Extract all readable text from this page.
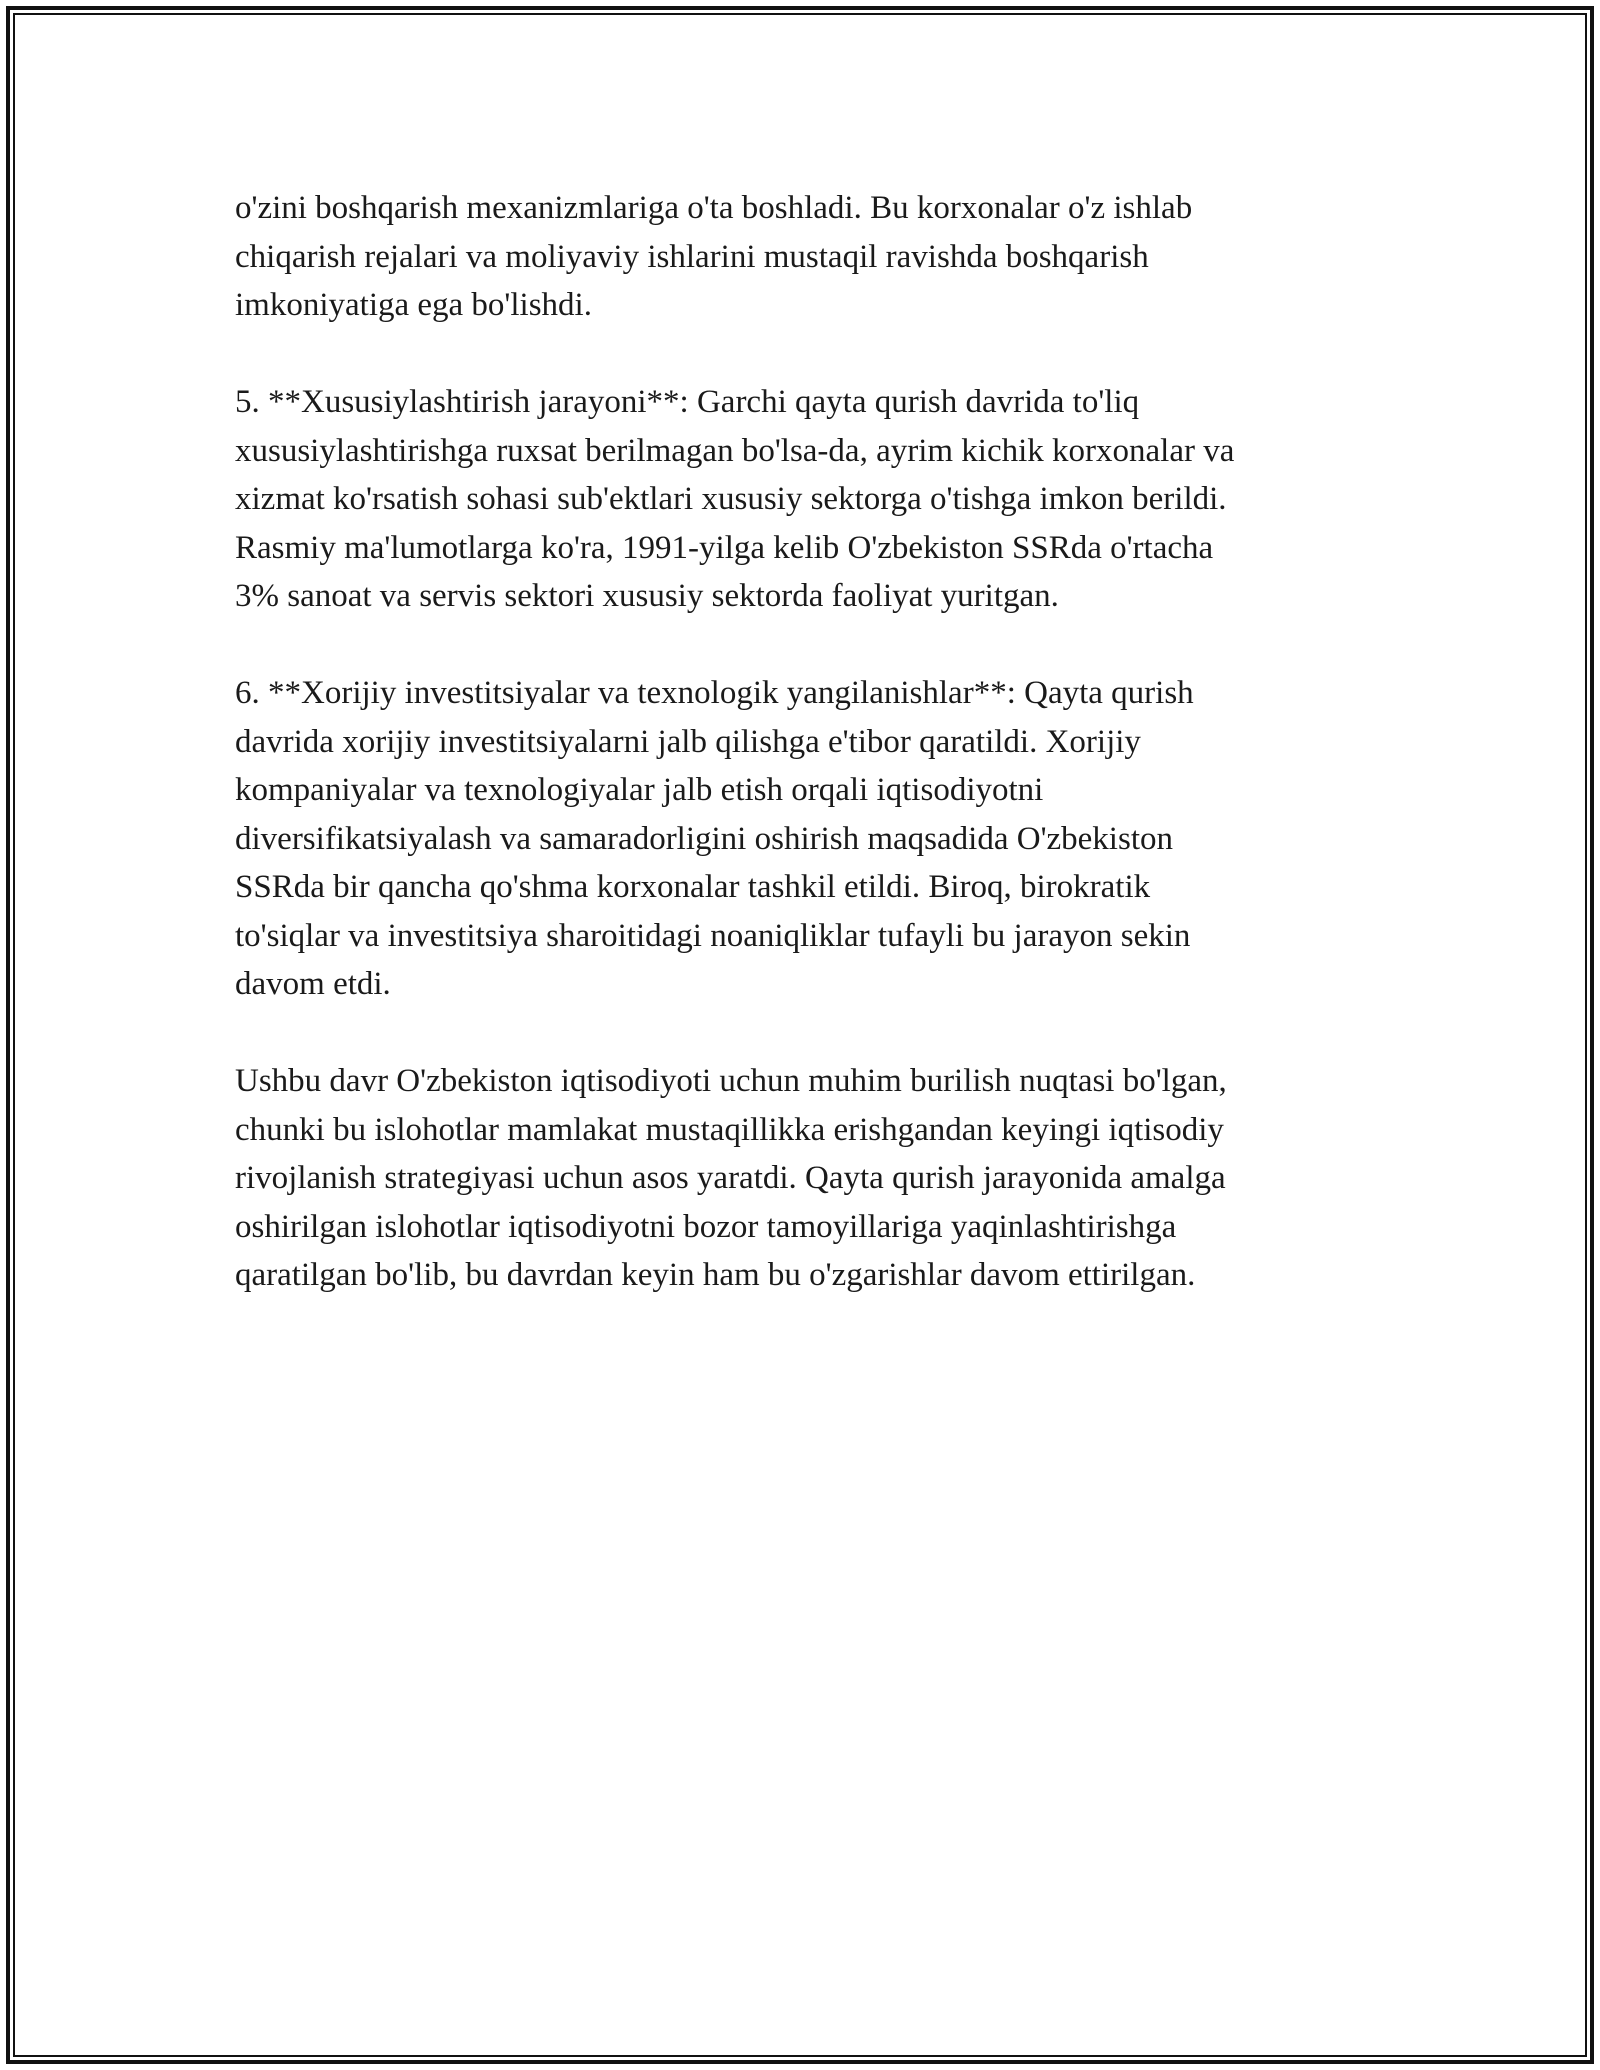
o'zini boshqarish mexanizmlariga o'ta boshladi. Bu korxonalar o'z ishlab
chiqarish rejalari va moliyaviy ishlarini mustaqil ravishda boshqarish
imkoniyatiga ega bo'lishdi.

5. **Xususiylashtirish jarayoni**: Garchi qayta qurish davrida to'liq
xususiylashtirishga ruxsat berilmagan bo'lsa-da, ayrim kichik korxonalar va
xizmat ko'rsatish sohasi sub'ektlari xususiy sektorga o'tishga imkon berildi.
Rasmiy ma'lumotlarga ko'ra, 1991-yilga kelib O'zbekiston SSRda o'rtacha
3% sanoat va servis sektori xususiy sektorda faoliyat yuritgan.

6. **Xorijiy investitsiyalar va texnologik yangilanishlar**: Qayta qurish
davrida xorijiy investitsiyalarni jalb qilishga e'tibor qaratildi. Xorijiy
kompaniyalar va texnologiyalar jalb etish orqali iqtisodiyotni
diversifikatsiyalash va samaradorligini oshirish maqsadida O'zbekiston
SSRda bir qancha qo'shma korxonalar tashkil etildi. Biroq, birokratik
to'siqlar va investitsiya sharoitidagi noaniqliklar tufayli bu jarayon sekin
davom etdi.

Ushbu davr O'zbekiston iqtisodiyoti uchun muhim burilish nuqtasi bo'lgan,
chunki bu islohotlar mamlakat mustaqillikka erishgandan keyingi iqtisodiy
rivojlanish strategiyasi uchun asos yaratdi. Qayta qurish jarayonida amalga
oshirilgan islohotlar iqtisodiyotni bozor tamoyillariga yaqinlashtirishga
qaratilgan bo'lib, bu davrdan keyin ham bu o'zgarishlar davom ettirilgan.
